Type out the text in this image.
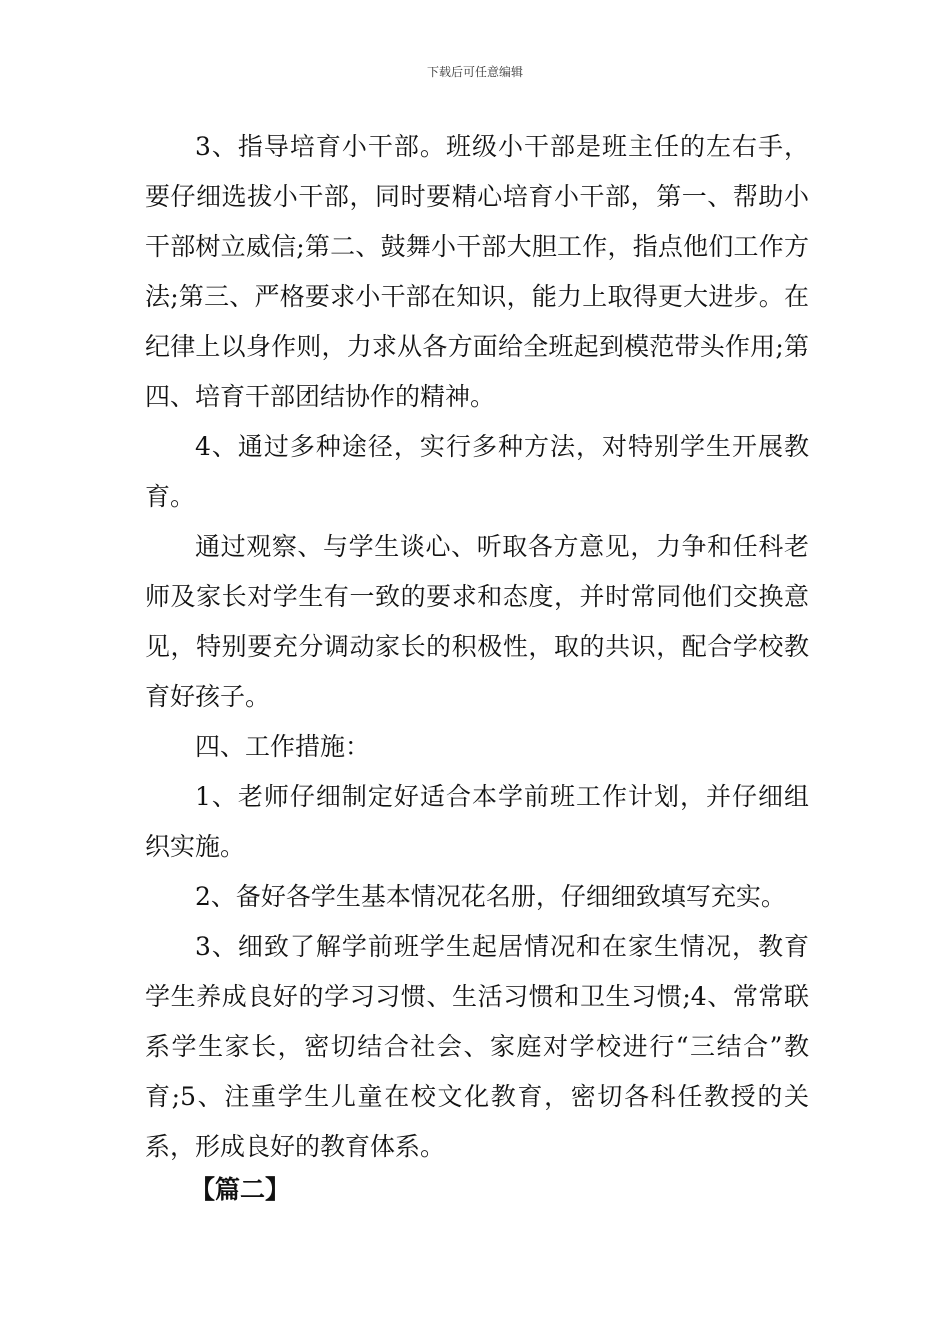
下载后可任意编辑

3、指导培育小干部。班级小干部是班主任的左右手，要仔细选拔小干部，同时要精心培育小干部，第一、帮助小干部树立威信;第二、鼓舞小干部大胆工作，指点他们工作方法;第三、严格要求小干部在知识，能力上取得更大进步。在纪律上以身作则，力求从各方面给全班起到模范带头作用;第四、培育干部团结协作的精神。

4、通过多种途径，实行多种方法，对特别学生开展教育。

通过观察、与学生谈心、听取各方意见，力争和任科老师及家长对学生有一致的要求和态度，并时常同他们交换意见，特别要充分调动家长的积极性，取的共识，配合学校教育好孩子。

四、工作措施：

1、老师仔细制定好适合本学前班工作计划，并仔细组织实施。

2、备好各学生基本情况花名册，仔细细致填写充实。

3、细致了解学前班学生起居情况和在家生情况，教育学生养成良好的学习习惯、生活习惯和卫生习惯;4、常常联系学生家长，密切结合社会、家庭对学校进行“三结合”教育;5、注重学生儿童在校文化教育，密切各科任教授的关系，形成良好的教育体系。

【篇二】
